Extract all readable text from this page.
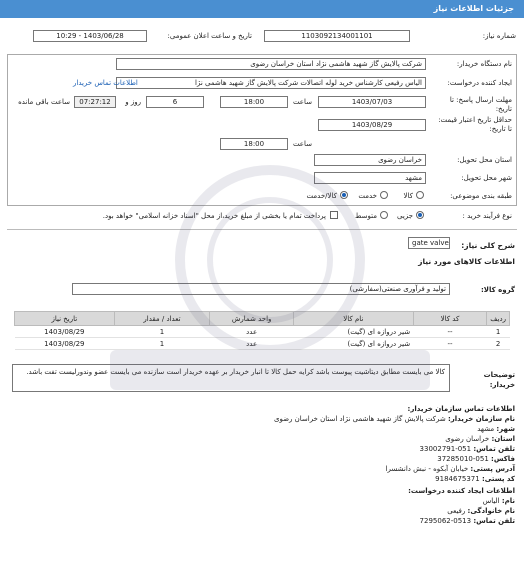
جزئیات اطلاعات نیاز
شماره نیاز:
1103092134001101
تاریخ و ساعت اعلان عمومی:
1403/06/28 - 10:29
نام دستگاه خریدار:
شرکت پالایش گاز شهید هاشمی نژاد استان خراسان رضوی
ایجاد کننده درخواست:
الیاس رفیعی کارشناس خرید لوله اتصالات شرکت پالایش گاز شهید هاشمی نژا
اطلاعات تماس خریدار
مهلت ارسال پاسخ: تا تاریخ:
1403/07/03
ساعت
18:00
6
روز و
07:27:12
ساعت باقی مانده
حداقل تاریخ اعتبار قیمت: تا تاریخ:
1403/08/29
ساعت
18:00
استان محل تحویل:
خراسان رضوی
شهر محل تحویل:
مشهد
طبقه بندی موضوعی:
کالا
خدمت
کالا/خدمت
نوع فرآیند خرید :
جزیی
متوسط
پرداخت تمام یا بخشی از مبلغ خرید،از محل "اسناد خزانه اسلامی" خواهد بود.
شرح کلی نیاز:
gate valve
اطلاعات کالاهای مورد نیاز
گروه کالا:
تولید و فرآوری صنعتی(سفارشی)
ردیف	کد کالا	نام کالا	واحد شمارش	تعداد / مقدار	تاریخ نیاز
1	--	شیر دروازه ای (گیت)	عدد	1	1403/08/29
2	--	شیر دروازه ای (گیت)	عدد	1	1403/08/29
توضیحات خریدار:
کالا می بایست مطابق دیتاشیت پیوست باشد کرایه حمل کالا تا انبار خریدار بر عهده خریدار است سازنده می بایست عضو وندورلیست تفت باشد.
اطلاعات تماس سازمان خریدار:
نام سازمان خریدار: شرکت پالایش گاز شهید هاشمی نژاد استان خراسان رضوی
شهر: مشهد
استان: خراسان رضوی
تلفن تماس: 051-33002791
فاکس: 051-37285010
آدرس پستی: خیابان آبکوه - نبش دانشسرا
کد پستی: 9184675371
اطلاعات ایجاد کننده درخواست:
نام: الیاس
نام خانوادگی: رفیعی
تلفن تماس: 0513-7295062
